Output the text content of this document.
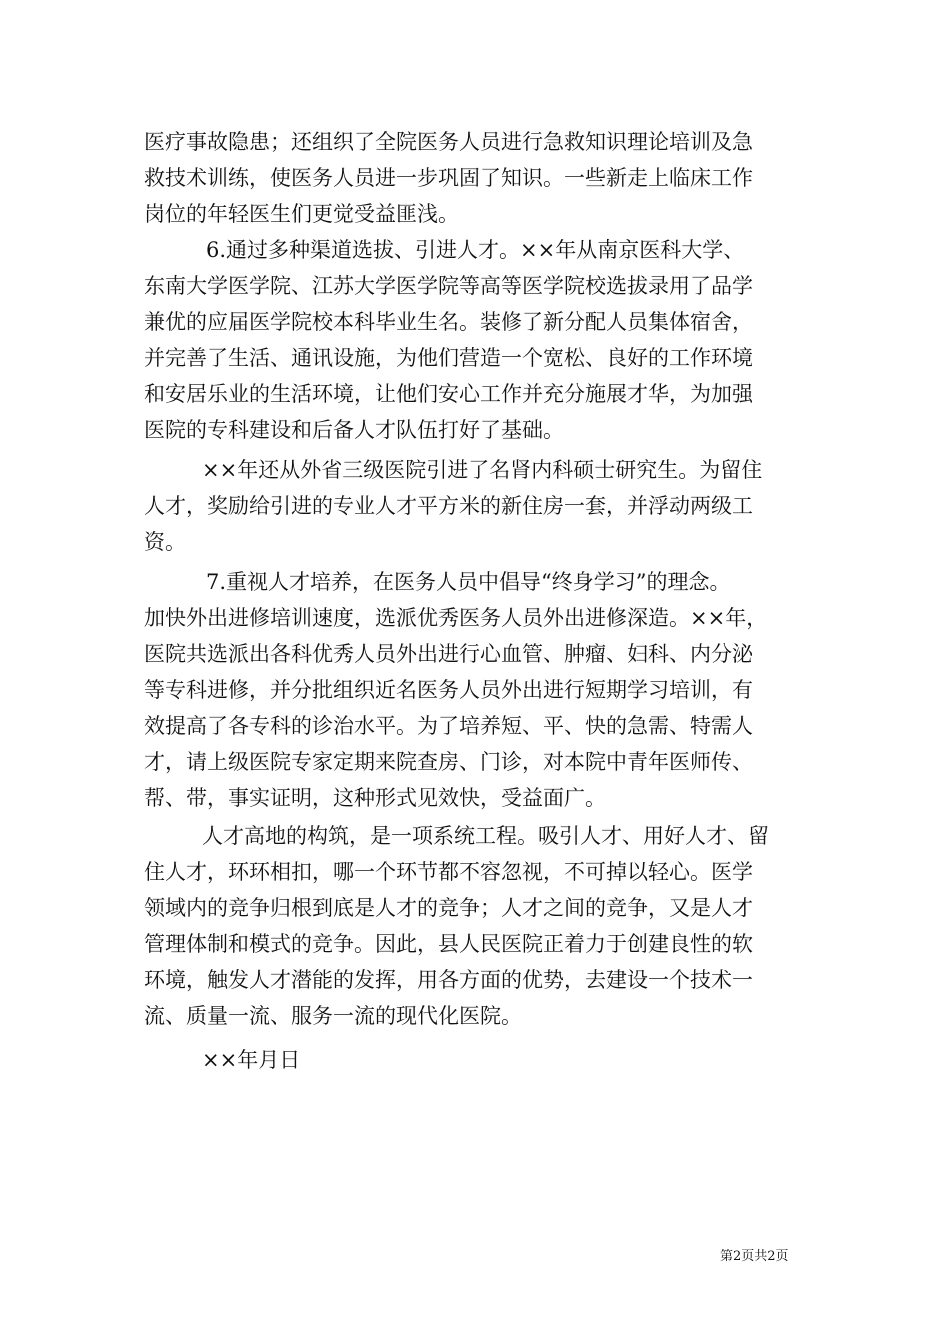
医疗事故隐患；还组织了全院医务人员进行急救知识理论培训及急
救技术训练，使医务人员进一步巩固了知识。一些新走上临床工作
岗位的年轻医生们更觉受益匪浅。
6.通过多种渠道选拔、引进人才。××年从南京医科大学、
东南大学医学院、江苏大学医学院等高等医学院校选拔录用了品学
兼优的应届医学院校本科毕业生名。装修了新分配人员集体宿舍，
并完善了生活、通讯设施，为他们营造一个宽松、良好的工作环境
和安居乐业的生活环境，让他们安心工作并充分施展才华，为加强
医院的专科建设和后备人才队伍打好了基础。
××年还从外省三级医院引进了名肾内科硕士研究生。为留住
人才，奖励给引进的专业人才平方米的新住房一套，并浮动两级工
资。
7.重视人才培养，在医务人员中倡导“终身学习”的理念。
加快外出进修培训速度，选派优秀医务人员外出进修深造。××年，
医院共选派出各科优秀人员外出进行心血管、肿瘤、妇科、内分泌
等专科进修，并分批组织近名医务人员外出进行短期学习培训，有
效提高了各专科的诊治水平。为了培养短、平、快的急需、特需人
才，请上级医院专家定期来院查房、门诊，对本院中青年医师传、
帮、带，事实证明，这种形式见效快，受益面广。
人才高地的构筑，是一项系统工程。吸引人才、用好人才、留
住人才，环环相扣，哪一个环节都不容忽视，不可掉以轻心。医学
领域内的竞争归根到底是人才的竞争；人才之间的竞争，又是人才
管理体制和模式的竞争。因此，县人民医院正着力于创建良性的软
环境，触发人才潜能的发挥，用各方面的优势，去建设一个技术一
流、质量一流、服务一流的现代化医院。
××年月日
第2页共2页
